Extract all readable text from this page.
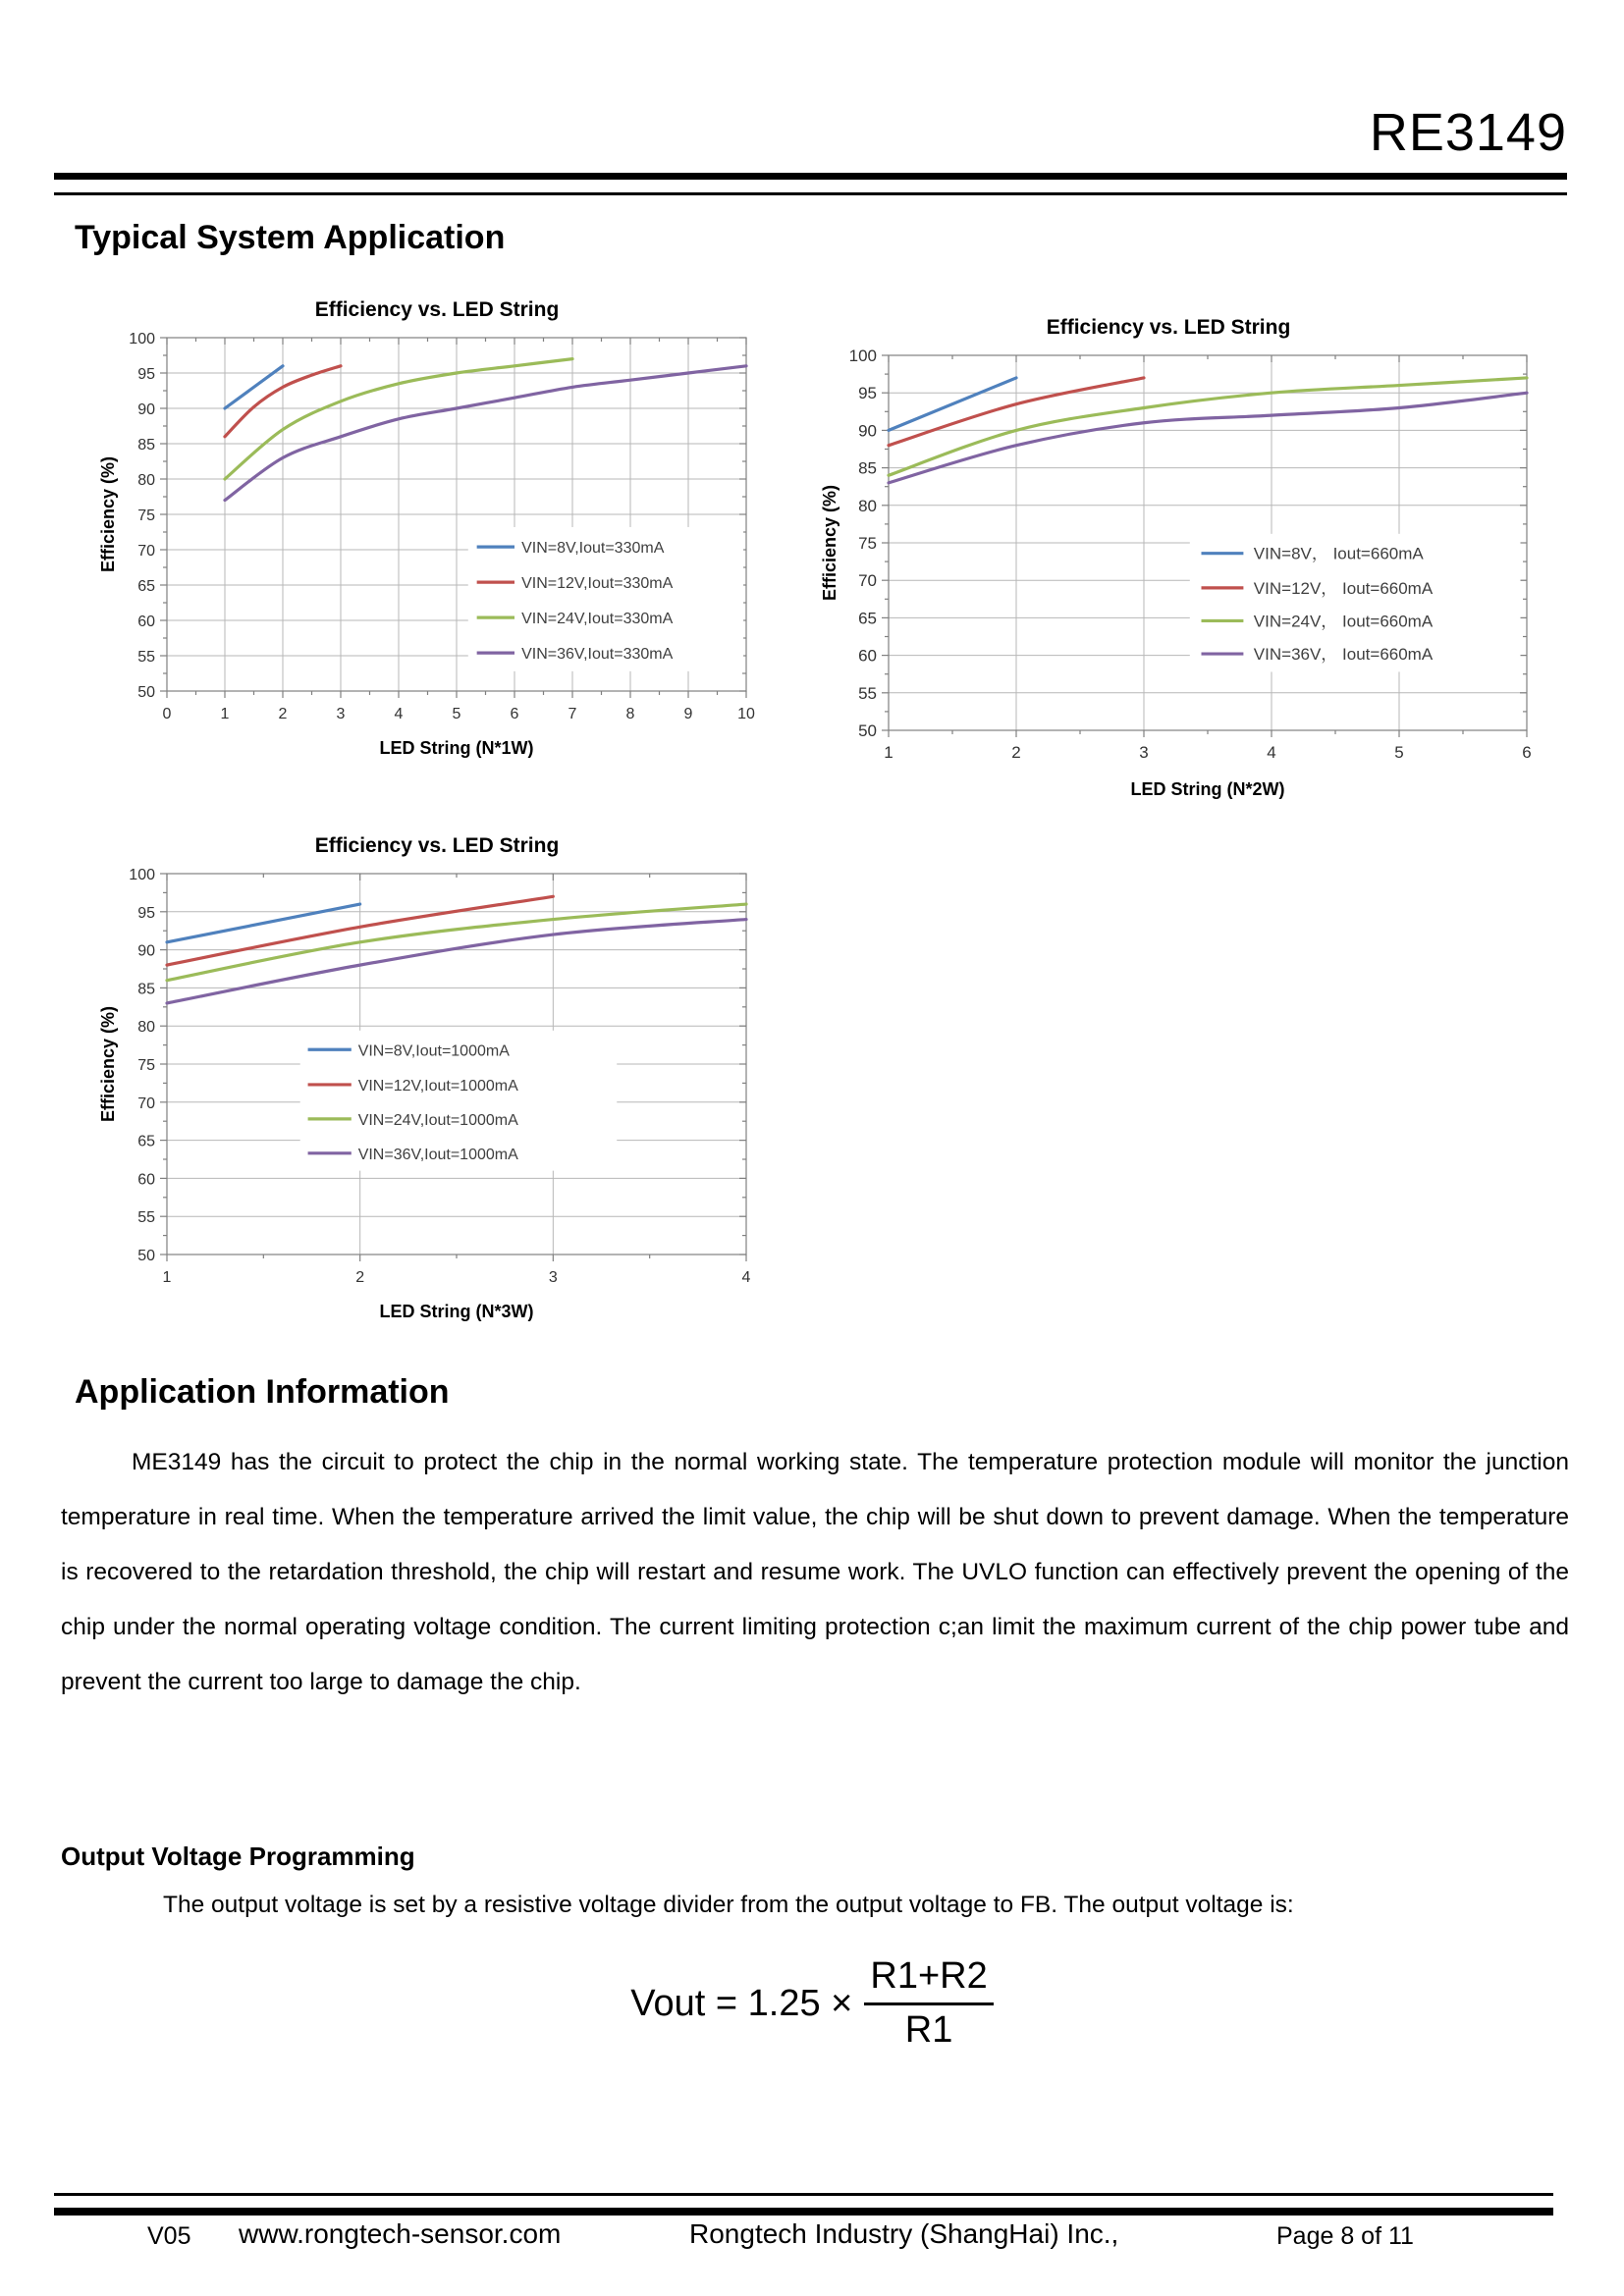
RE3149
Typical System Application
0	1	2	3	4	5	6	7	8	9	10
50
55
60
65
70
75
80
85
90
95
100
Efficiency vs. LED String
LED String (N*1W)
Efficiency (%)	VIN=8V,Iout=330mA
VIN=12V,Iout=330mA
VIN=24V,Iout=330mA
VIN=36V,Iout=330mA
1	2	3	4	5	6
50
55
60
65
70
75
80
85
90
95
100
Efficiency vs. LED String
LED String (N*2W)
Efficiency (%)	VIN=8V， Iout=660mA
VIN=12V， Iout=660mA
VIN=24V， Iout=660mA
VIN=36V， Iout=660mA
1	2	3	4
50
55
60
65
70
75
80
85
90
95
100
Efficiency vs. LED String
LED String (N*3W)
Efficiency (%)	VIN=8V,Iout=1000mA
VIN=12V,Iout=1000mA
VIN=24V,Iout=1000mA
VIN=36V,Iout=1000mA
Application Information

ME3149 has the circuit to protect the chip in the normal working state. The temperature protection module will monitor the junction temperature in real time. When the temperature arrived the limit value, the chip will be shut down to prevent damage. When the temperature is recovered to the retardation threshold, the chip will restart and resume work. The UVLO function can effectively prevent the opening of the chip under the normal operating voltage condition. The current limiting protection c;an limit the maximum current of the chip power tube and prevent the current too large to damage the chip.

Output Voltage Programming

The output voltage is set by a resistive voltage divider from the output voltage to FB. The output voltage is:

Vout = $1.25 \times \frac{R1+R2}{R1}$
V05 www.rongtech-sensor.com	Rongtech Industry (ShangHai) Inc.,	Page 8 of 11
